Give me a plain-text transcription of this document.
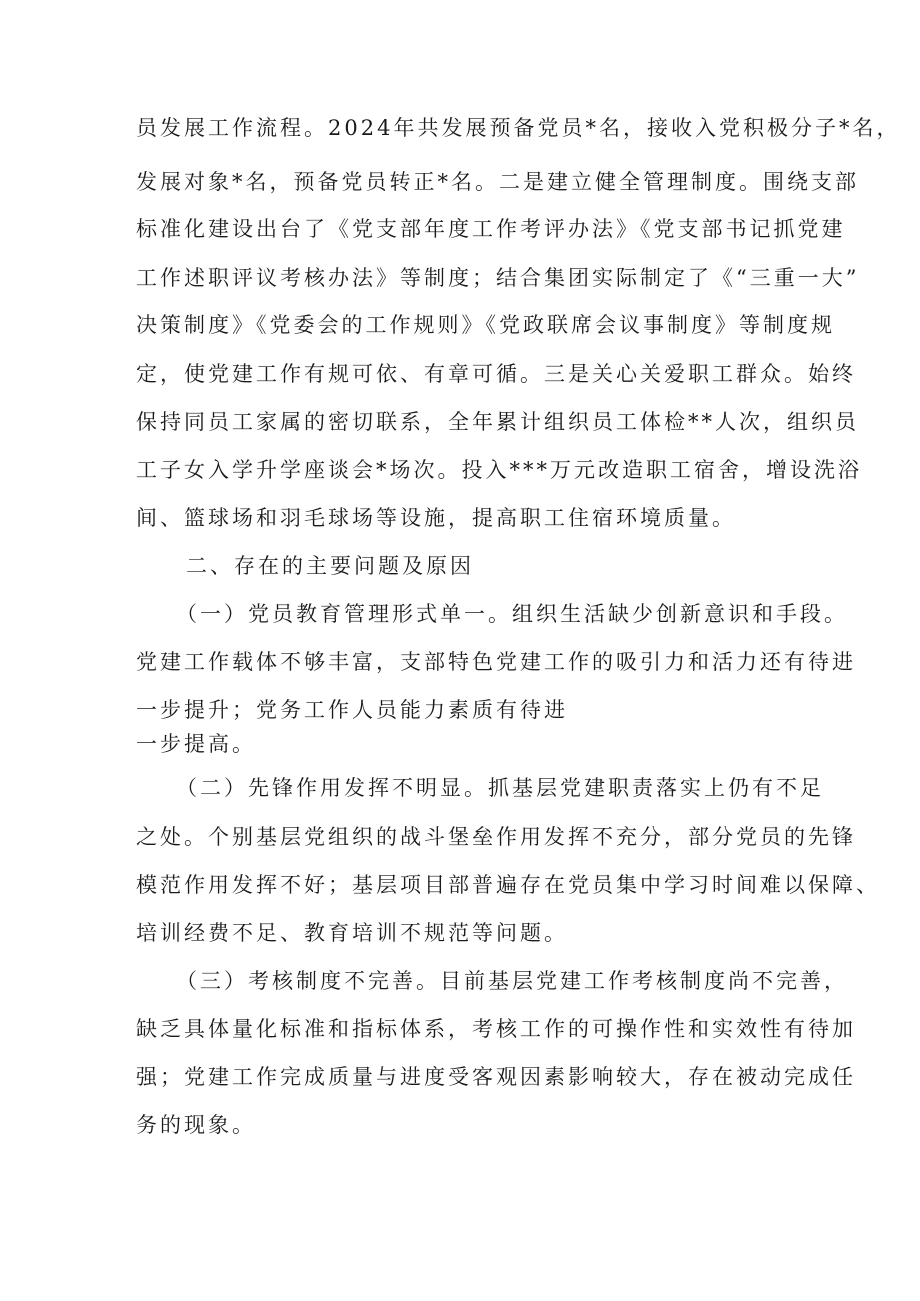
员发展工作流程。2024年共发展预备党员*名，接收入党积极分子*名，

发展对象*名，预备党员转正*名。二是建立健全管理制度。围绕支部

标准化建设出台了《党支部年度工作考评办法》《党支部书记抓党建

工作述职评议考核办法》等制度；结合集团实际制定了《“三重一大”

决策制度》《党委会的工作规则》《党政联席会议事制度》等制度规

定，使党建工作有规可依、有章可循。三是关心关爱职工群众。始终

保持同员工家属的密切联系，全年累计组织员工体检**人次，组织员

工子女入学升学座谈会*场次。投入***万元改造职工宿舍，增设洗浴

间、篮球场和羽毛球场等设施，提高职工住宿环境质量。

二、存在的主要问题及原因

（一）党员教育管理形式单一。组织生活缺少创新意识和手段。

党建工作载体不够丰富，支部特色党建工作的吸引力和活力还有待进

一步提升；党务工作人员能力素质有待进

一步提高。

（二）先锋作用发挥不明显。抓基层党建职责落实上仍有不足

之处。个别基层党组织的战斗堡垒作用发挥不充分，部分党员的先锋

模范作用发挥不好；基层项目部普遍存在党员集中学习时间难以保障、

培训经费不足、教育培训不规范等问题。

（三）考核制度不完善。目前基层党建工作考核制度尚不完善，

缺乏具体量化标准和指标体系，考核工作的可操作性和实效性有待加

强；党建工作完成质量与进度受客观因素影响较大，存在被动完成任

务的现象。
